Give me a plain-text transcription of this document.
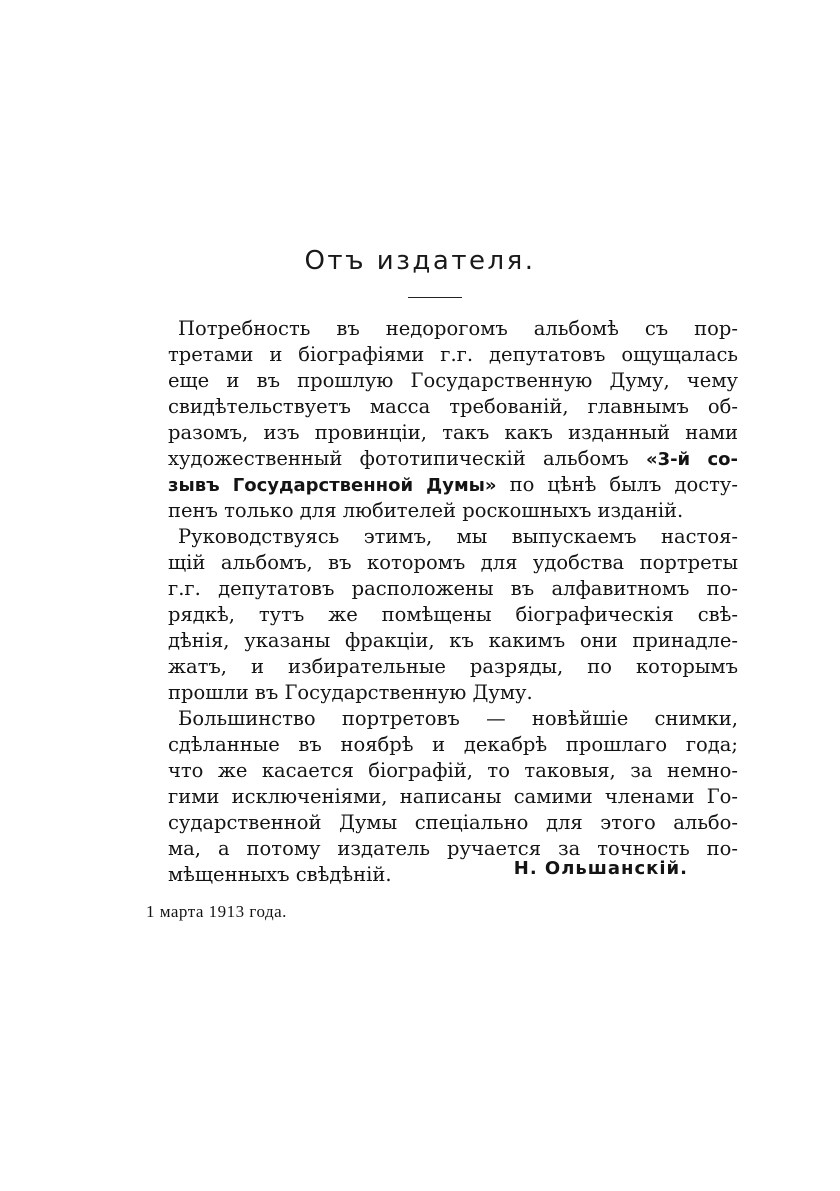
Отъ издателя.
Потребность въ недорогомъ альбомѣ съ пор-
третами и біографіями г.г. депутатовъ ощущалась
еще и въ прошлую Государственную Думу, чему
свидѣтельствуетъ масса требованій, главнымъ об-
разомъ, изъ провинціи, такъ какъ изданный нами
художественный фототипическій альбомъ «3-й со-
зывъ Государственной Думы» по цѣнѣ былъ досту-
пенъ только для любителей роскошныхъ изданій.
Руководствуясь этимъ, мы выпускаемъ настоя-
щій альбомъ, въ которомъ для удобства портреты
г.г. депутатовъ расположены въ алфавитномъ по-
рядкѣ, тутъ же помѣщены біографическія свѣ-
дѣнія, указаны фракціи, къ какимъ они принадле-
жатъ, и избирательные разряды, по которымъ
прошли въ Государственную Думу.
Большинство портретовъ — новѣйшіе снимки,
сдѣланные въ ноябрѣ и декабрѣ прошлаго года;
что же касается біографій, то таковыя, за немно-
гими исключеніями, написаны самими членами Го-
сударственной Думы спеціально для этого альбо-
ма, а потому издатель ручается за точность по-
мѣщенныхъ свѣдѣній.	Н. Ольшанскій.
1 марта 1913 года.
